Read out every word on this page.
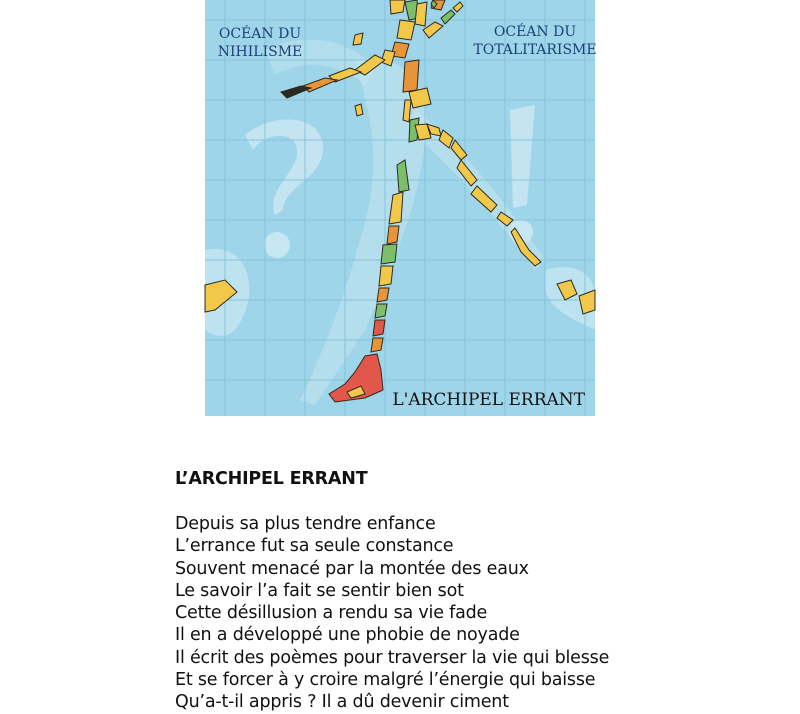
OCÉAN DU
NIHILISME
OCÉAN DU
TOTALITARISME
L'ARCHIPEL ERRANT
L’ARCHIPEL ERRANT
Depuis sa plus tendre enfance
L’errance fut sa seule constance
Souvent menacé par la montée des eaux
Le savoir l’a fait se sentir bien sot
Cette désillusion a rendu sa vie fade
Il en a développé une phobie de noyade
Il écrit des poèmes pour traverser la vie qui blesse
Et se forcer à y croire malgré l’énergie qui baisse
Qu’a-t-il appris ? Il a dû devenir ciment
